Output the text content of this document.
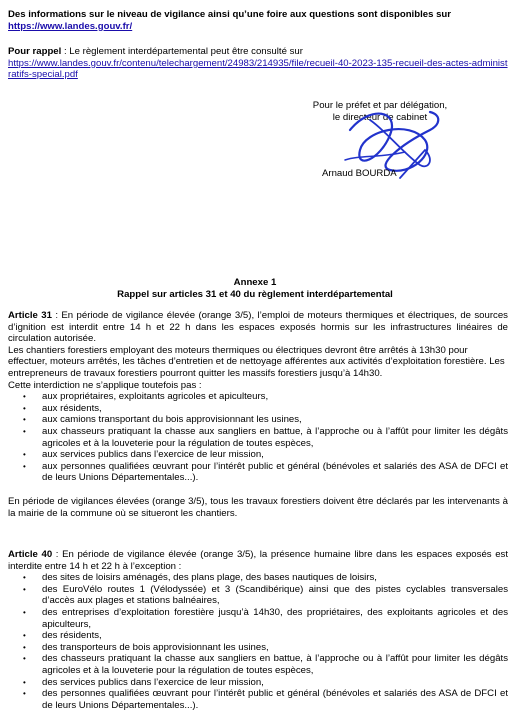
Des informations sur le niveau de vigilance ainsi qu’une foire aux questions sont disponibles sur
https://www.landes.gouv.fr/

Pour rappel : Le règlement interdépartemental peut être consulté sur
https://www.landes.gouv.fr/contenu/telechargement/24983/214935/file/recueil-40-2023-135-recueil-des-actes-administratifs-special.pdf

Pour le préfet et par délégation,
le directeur de cabinet
Arnaud BOURDA
Annexe 1
Rappel sur articles 31 et 40 du règlement interdépartemental

Article 31 : En période de vigilance élevée (orange 3/5), l’emploi de moteurs thermiques et électriques, de sources d’ignition est interdit entre 14 h et 22 h dans les espaces exposés hormis sur les infrastructures linéaires de circulation autorisée.

Les chantiers forestiers employant des moteurs thermiques ou électriques devront être arrêtés à 13h30 pour effectuer, moteurs arrêtés, les tâches d’entretien et de nettoyage afférentes aux activités d’exploitation forestière. Les entrepreneurs de travaux forestiers pourront quitter les massifs forestiers jusqu’à 14h30.

Cette interdiction ne s’applique toutefois pas :

• aux propriétaires, exploitants agricoles et apiculteurs,
• aux résidents,
• aux camions transportant du bois approvisionnant les usines,
• aux chasseurs pratiquant la chasse aux sangliers en battue, à l’approche ou à l’affût pour limiter les dégâts agricoles et à la louveterie pour la régulation de toutes espèces,
• aux services publics dans l’exercice de leur mission,
• aux personnes qualifiées œuvrant pour l’intérêt public et général (bénévoles et salariés des ASA de DFCI et de leurs Unions Départementales...).

En période de vigilances élevées (orange 3/5), tous les travaux forestiers doivent être déclarés par les intervenants à la mairie de la commune où se situeront les chantiers.

Article 40 : En période de vigilance élevée (orange 3/5), la présence humaine libre dans les espaces exposés est interdite entre 14 h et 22 h à l’exception :

• des sites de loisirs aménagés, des plans plage, des bases nautiques de loisirs,
• des EuroVélo routes 1 (Vélodyssée) et 3 (Scandibérique) ainsi que des pistes cyclables transversales d’accès aux plages et stations balnéaires,
• des entreprises d’exploitation forestière jusqu’à 14h30, des propriétaires, des exploitants agricoles et des apiculteurs,
• des résidents,
• des transporteurs de bois approvisionnant les usines,
• des chasseurs pratiquant la chasse aux sangliers en battue, à l’approche ou à l’affût pour limiter les dégâts agricoles et à la louveterie pour la régulation de toutes espèces,
• des services publics dans l’exercice de leur mission,
• des personnes qualifiées œuvrant pour l’intérêt public et général (bénévoles et salariés des ASA de DFCI et de leurs Unions Départementales...).
